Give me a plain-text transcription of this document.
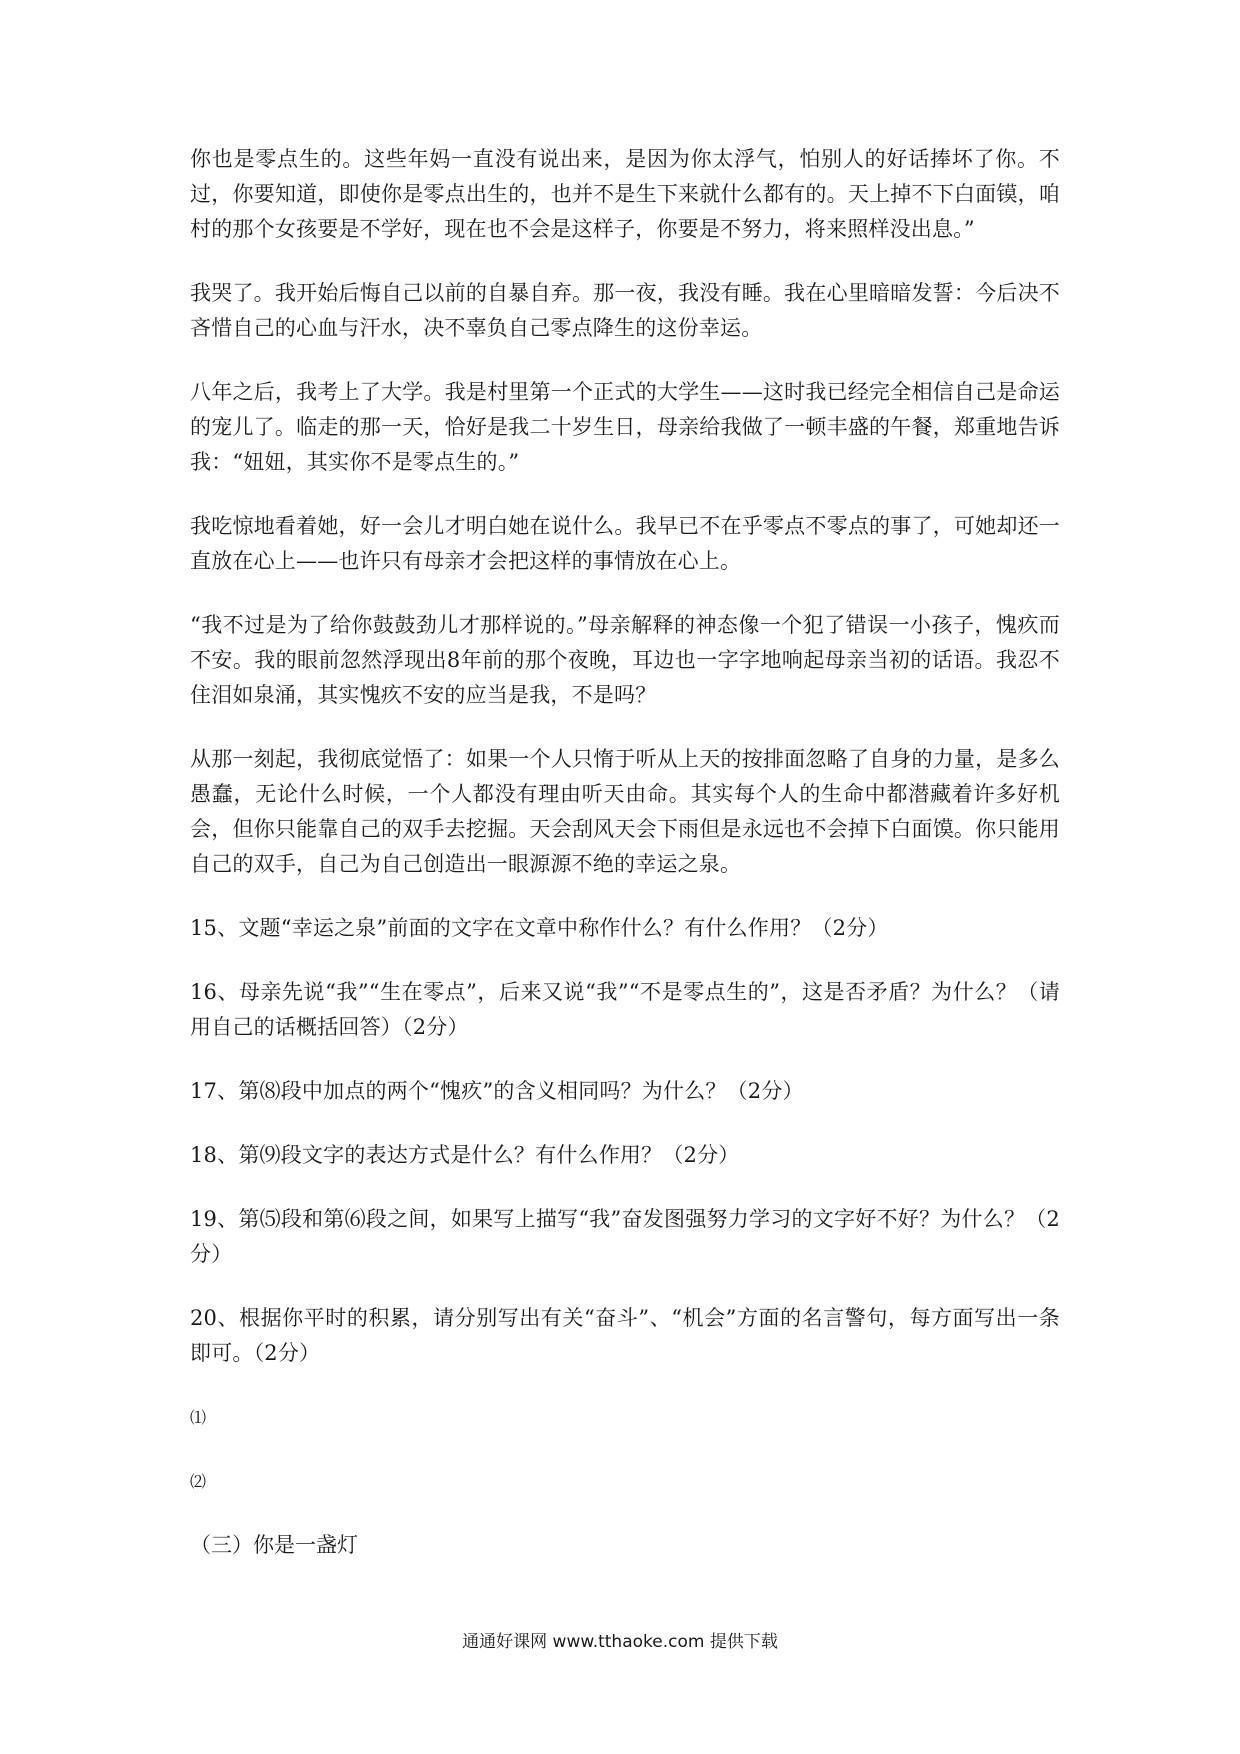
你也是零点生的。这些年妈一直没有说出来，是因为你太浮气，怕别人的好话捧坏了你。不过，你要知道，即使你是零点出生的，也并不是生下来就什么都有的。天上掉不下白面镆，咱村的那个女孩要是不学好，现在也不会是这样子，你要是不努力，将来照样没出息。”

我哭了。我开始后悔自己以前的自暴自弃。那一夜，我没有睡。我在心里暗暗发誓：今后决不吝惜自己的心血与汗水，决不辜负自己零点降生的这份幸运。

八年之后，我考上了大学。我是村里第一个正式的大学生——这时我已经完全相信自己是命运的宠儿了。临走的那一天，恰好是我二十岁生日，母亲给我做了一顿丰盛的午餐，郑重地告诉我：“妞妞，其实你不是零点生的。”

我吃惊地看着她，好一会儿才明白她在说什么。我早已不在乎零点不零点的事了，可她却还一直放在心上——也许只有母亲才会把这样的事情放在心上。

“我不过是为了给你鼓鼓劲儿才那样说的。”母亲解释的神态像一个犯了错误一小孩子，愧疚而不安。我的眼前忽然浮现出8年前的那个夜晚，耳边也一字字地响起母亲当初的话语。我忍不住泪如泉涌，其实愧疚不安的应当是我，不是吗？

从那一刻起，我彻底觉悟了：如果一个人只惰于听从上天的按排面忽略了自身的力量，是多么愚蠢，无论什么时候，一个人都没有理由听天由命。其实每个人的生命中都潜藏着许多好机会，但你只能靠自己的双手去挖掘。天会刮风天会下雨但是永远也不会掉下白面馍。你只能用自己的双手，自己为自己创造出一眼源源不绝的幸运之泉。

15、文题“幸运之泉”前面的文字在文章中称作什么？有什么作用？（2分）

16、母亲先说“我”“生在零点”，后来又说“我”“不是零点生的”，这是否矛盾？为什么？（请用自己的话概括回答）（2分）

17、第⑻段中加点的两个“愧疚”的含义相同吗？为什么？（2分）

18、第⑼段文字的表达方式是什么？有什么作用？（2分）

19、第⑸段和第⑹段之间，如果写上描写“我”奋发图强努力学习的文字好不好？为什么？（2分）

20、根据你平时的积累，请分别写出有关“奋斗”、“机会”方面的名言警句，每方面写出一条即可。（2分）

⑴

⑵

（三）你是一盏灯

通通好课网 www.tthaoke.com 提供下载
